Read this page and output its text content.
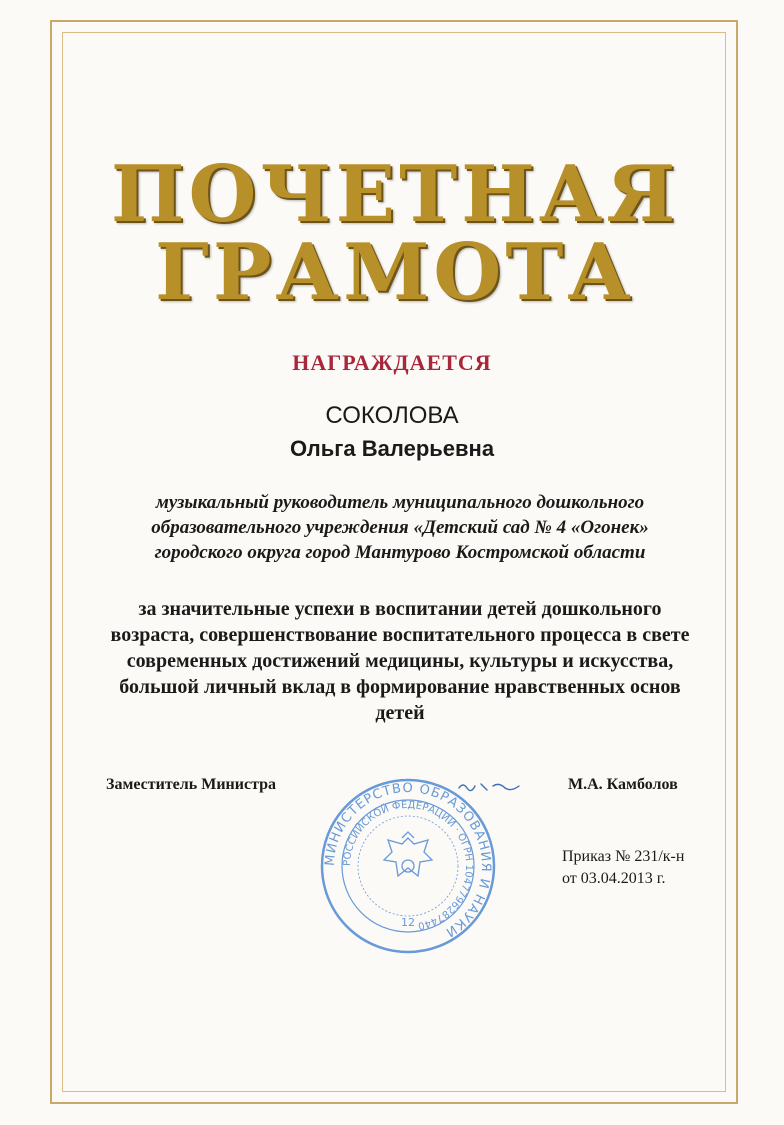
ПОЧЕТНАЯ
ГРАМОТА
НАГРАЖДАЕТСЯ
СОКОЛОВА
Ольга Валерьевна
музыкальный руководитель муниципального дошкольного
образовательного учреждения «Детский сад № 4 «Огонек»
городского округа город Мантурово Костромской области
за значительные успехи в воспитании детей дошкольного
возраста, совершенствование воспитательного процесса в свете
современных достижений медицины, культуры и искусства,
большой личный вклад в формирование нравственных основ
детей
Заместитель Министра	М.А. Камболов
МИНИСТЕРСТВО ОБРАЗОВАНИЯ И НАУКИ
РОССИЙСКОЙ ФЕДЕРАЦИИ · ОГРН 1047796287440
12
Приказ № 231/к-н
от 03.04.2013 г.
